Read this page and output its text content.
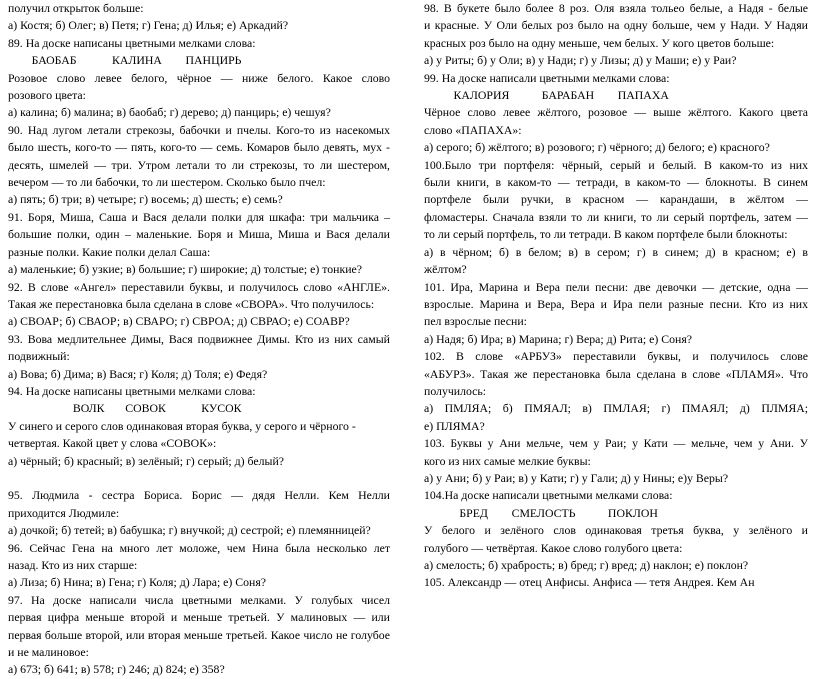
получил открыток больше:
а) Костя; б) Олег; в) Петя; г) Гена; д) Илья; е) Аркадий?
89. На доске написаны цветными мелками слова:
БАОБАБ            КАЛИНА        ПАНЦИРЬ
Розовое слово левее белого, чёрное — ниже белого. Какое слово
розового цвета:
а) калина; б) малина; в) баобаб; г) дерево; д) панцирь; е) чешуя?
90. Над лугом летали стрекозы, бабочки и пчелы. Кого-то из насекомых
было шесть, кого-то — пять, кого-то — семь. Комаров было девять, мух -
десять, шмелей — три. Утром летали то ли стрекозы, то ли шестером,
вечером — то ли бабочки, то ли шестером. Сколько было пчел:
а) пять; б) три; в) четыре; г) восемь; д) шесть; е) семь?
91. Боря, Миша, Саша и Вася делали полки для шкафа: три мальчика –
большие полки, один – маленькие. Боря и Миша, Миша и Вася делали
разные полки. Какие полки делал Саша:
а) маленькие; б) узкие; в) большие; г) широкие; д) толстые; е) тонкие?
92. В слове «Ангел» переставили буквы, и получилось слово «АНГЛЕ».
Такая же перестановка была сделана в слове «СВОРА». Что получилось:
а) СВОАР; б) СВАОР; в) СВАРО; г) СВРОА; д) СВРАО; е) СОАВР?
93. Вова медлительнее Димы, Вася подвижнее Димы. Кто из них самый
подвижный:
а) Вова; б) Дима; в) Вася; г) Коля; д) Толя; е) Федя?
94. На доске написаны цветными мелками слова:
ВОЛК       СОВОК            КУСОК
У синего и серого слов одинаковая вторая буква, у серого и чёрного -
четвертая. Какой цвет у слова «СОВОК»:
а) чёрный; б) красный; в) зелёный; г) серый; д) белый?
95. Людмила - сестра Бориса. Борис — дядя Нелли. Кем Нелли
приходится Людмиле:
а) дочкой; б) тетей; в) бабушка; г) внучкой; д) сестрой; е) племянницей?
96. Сейчас Гена на много лет моложе, чем Нина была несколько лет
назад. Кто из них старше:
а) Лиза; б) Нина; в) Гена; г) Коля; д) Лара; е) Соня?
97. На доске написали числа цветными мелками. У голубых чисел
первая цифра меньше второй и меньше третьей. У малиновых — или
первая больше второй, или вторая меньше третьей. Какое число не голубое
и не малиновое:
а) 673; б) 641; в) 578; г) 246; д) 824; е) 358?
98. В букете было более 8 роз. Оля взяла тольео белые, а Надя - белые
и красные. У Оли белых роз было на одну больше, чем у Нади. У Надяи
красных роз было на одну меньше, чем белых. У кого цветов больше:
а) у Риты; б) у Оли; в) у Нади; г) у Лизы; д) у Маши; е) у Раи?
99. На доске написали цветными мелками слова:
КАЛОРИЯ           БАРАБАН        ПАПАХА
Чёрное слово левее жёлтого, розовое — выше жёлтого. Какого цвета
слово «ПАПАХА»:
а) серого; б) жёлтого; в) розового; г) чёрного; д) белого; е) красного?
100.Было три портфеля: чёрный, серый и белый. В каком-то из них
были книги, в каком-то — тетради, в каком-то — блокноты. В синем
портфеле были ручки, в красном — карандаши, в жёлтом —
фломастеры. Сначала взяли то ли книги, то ли серый портфель, затем —
то ли серый портфель, то ли тетради. В каком портфеле были блокноты:
а) в чёрном; б) в белом; в) в сером; г) в синем; д) в красном; е) в
жёлтом?
101. Ира, Марина и Вера пели песни: две девочки — детские, одна —
взрослые. Марина и Вера, Вера и Ира пели разные песни. Кто из них
пел взрослые песни:
а) Надя; б) Ира; в) Марина; г) Вера; д) Рита; е) Соня?
102. В слове «АРБУЗ» переставили буквы, и получилось слове
«АБУРЗ». Такая же перестановка была сделана в слове «ПЛАМЯ». Что
получилось:
а) ПМЛЯА; б) ПМЯАЛ; в) ПМЛАЯ; г) ПМАЯЛ; д) ПЛМЯА;
е) ПЛЯМА?
103. Буквы у Ани мельче, чем у Раи; у Кати — мельче, чем у Ани. У
кого из них самые мелкие буквы:
а) у Ани; б) у Раи; в) у Кати; г) у Гали; д) у Нины; е)у Веры?
104.На доске написали цветными мелками слова:
БРЕД        СМЕЛОСТЬ           ПОКЛОН
У белого и зелёного слов одинаковая третья буква, у зелёного и
голубого — четвёртая. Какое слово голубого цвета:
а) смелость; б) храбрость; в) бред; г) вред; д) наклон; е) поклон?
105. Александр — отец Анфисы. Анфиса — тетя Андрея. Кем Ан
